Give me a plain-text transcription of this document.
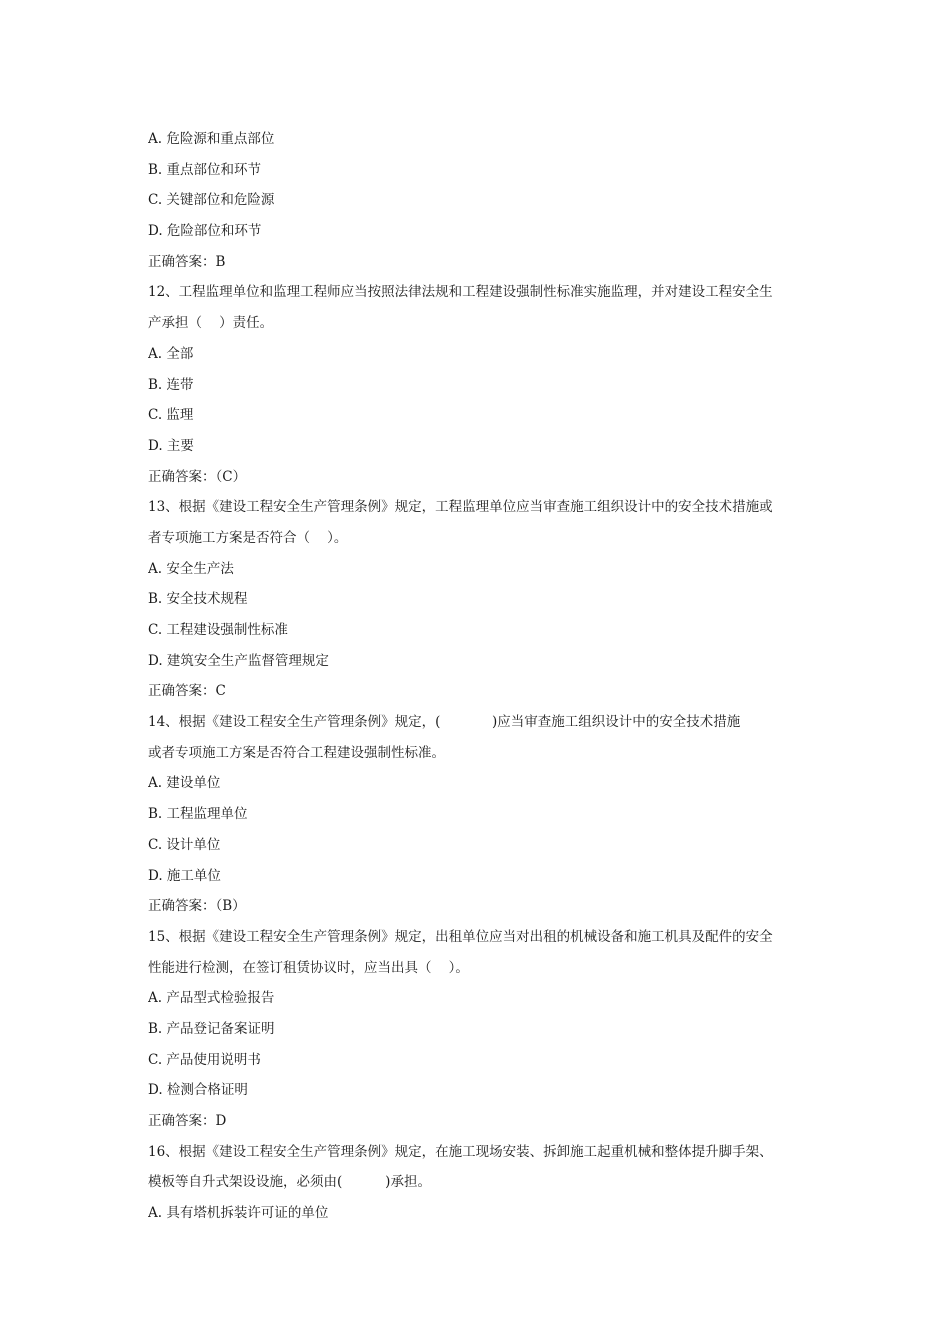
A. 危险源和重点部位
B. 重点部位和环节
C. 关键部位和危险源
D. 危险部位和环节
正确答案：B
12、工程监理单位和监理工程师应当按照法律法规和工程建设强制性标准实施监理，并对建设工程安全生
产承担（    ）责任。
A. 全部
B. 连带
C. 监理
D. 主要
正确答案：（C）
13、根据《建设工程安全生产管理条例》规定，工程监理单位应当审查施工组织设计中的安全技术措施或
者专项施工方案是否符合（    ）。
A. 安全生产法
B. 安全技术规程
C. 工程建设强制性标准
D. 建筑安全生产监督管理规定
正确答案：C
14、根据《建设工程安全生产管理条例》规定，(            )应当审查施工组织设计中的安全技术措施
或者专项施工方案是否符合工程建设强制性标准。
A. 建设单位
B. 工程监理单位
C. 设计单位
D. 施工单位
正确答案：（B）
15、根据《建设工程安全生产管理条例》规定，出租单位应当对出租的机械设备和施工机具及配件的安全
性能进行检测，在签订租赁协议时，应当出具（    ）。
A. 产品型式检验报告
B. 产品登记备案证明
C. 产品使用说明书
D. 检测合格证明
正确答案：D
16、根据《建设工程安全生产管理条例》规定，在施工现场安装、拆卸施工起重机械和整体提升脚手架、
模板等自升式架设设施，必须由(          )承担。
A. 具有塔机拆装许可证的单位
